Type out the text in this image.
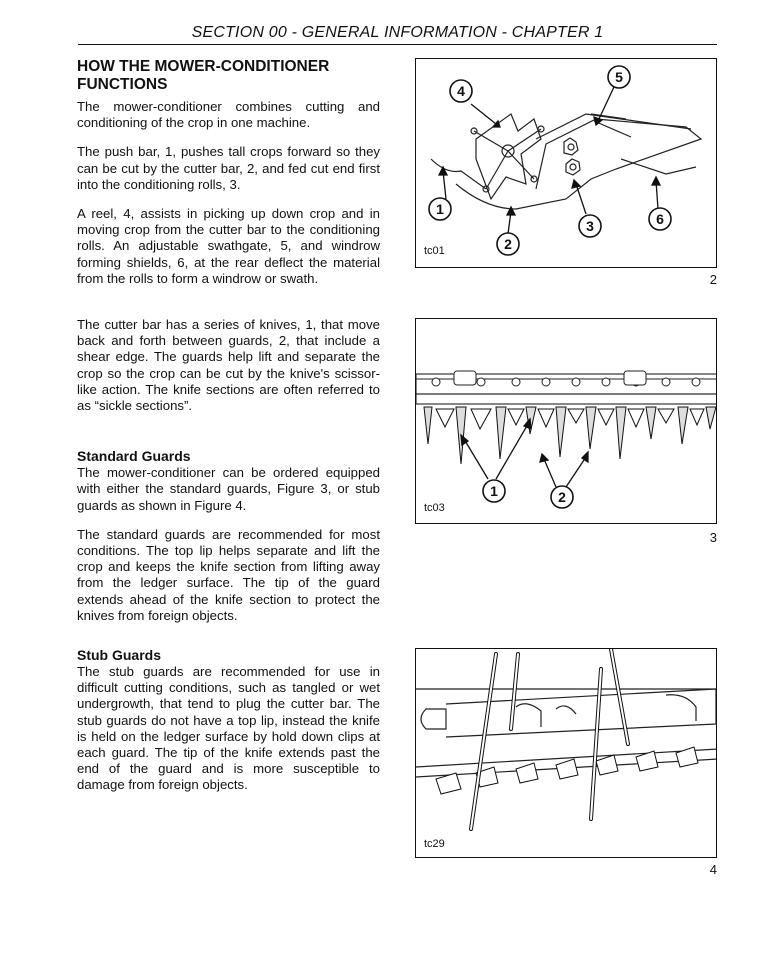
SECTION 00 - GENERAL INFORMATION - CHAPTER 1

HOW THE MOWER-CONDITIONER FUNCTIONS

The mower-conditioner combines cutting and conditioning of the crop in one machine.

The push bar, 1, pushes tall crops forward so they can be cut by the cutter bar, 2, and fed cut end first into the conditioning rolls, 3.

A reel, 4, assists in picking up down crop and in moving crop from the cutter bar to the conditioning rolls. An adjustable swathgate, 5, and windrow forming shields, 6, at the rear deflect the material from the rolls to form a windrow or swath.

The cutter bar has a series of knives, 1, that move back and forth between guards, 2, that include a shear edge. The guards help lift and separate the crop so the crop can be cut by the knive's scissor-like action. The knife sections are often referred to as “sickle sections”.

Standard Guards

The mower-conditioner can be ordered equipped with either the standard guards, Figure 3, or stub guards as shown in Figure 4.

The standard guards are recommended for most conditions. The top lip helps separate and lift the crop and keeps the knife section from lifting away from the ledger surface. The tip of the guard extends ahead of the knife section to protect the knives from foreign objects.

Stub Guards

The stub guards are recommended for use in difficult cutting conditions, such as tangled or wet undergrowth, that tend to plug the cutter bar. The stub guards do not have a top lip, instead the knife is held on the ledger surface by hold down clips at each guard. The tip of the knife extends past the end of the guard and is more susceptible to damage from foreign objects.

1
2
3
4
5
6
tc01
2
1	2
tc03
3
tc29
4
